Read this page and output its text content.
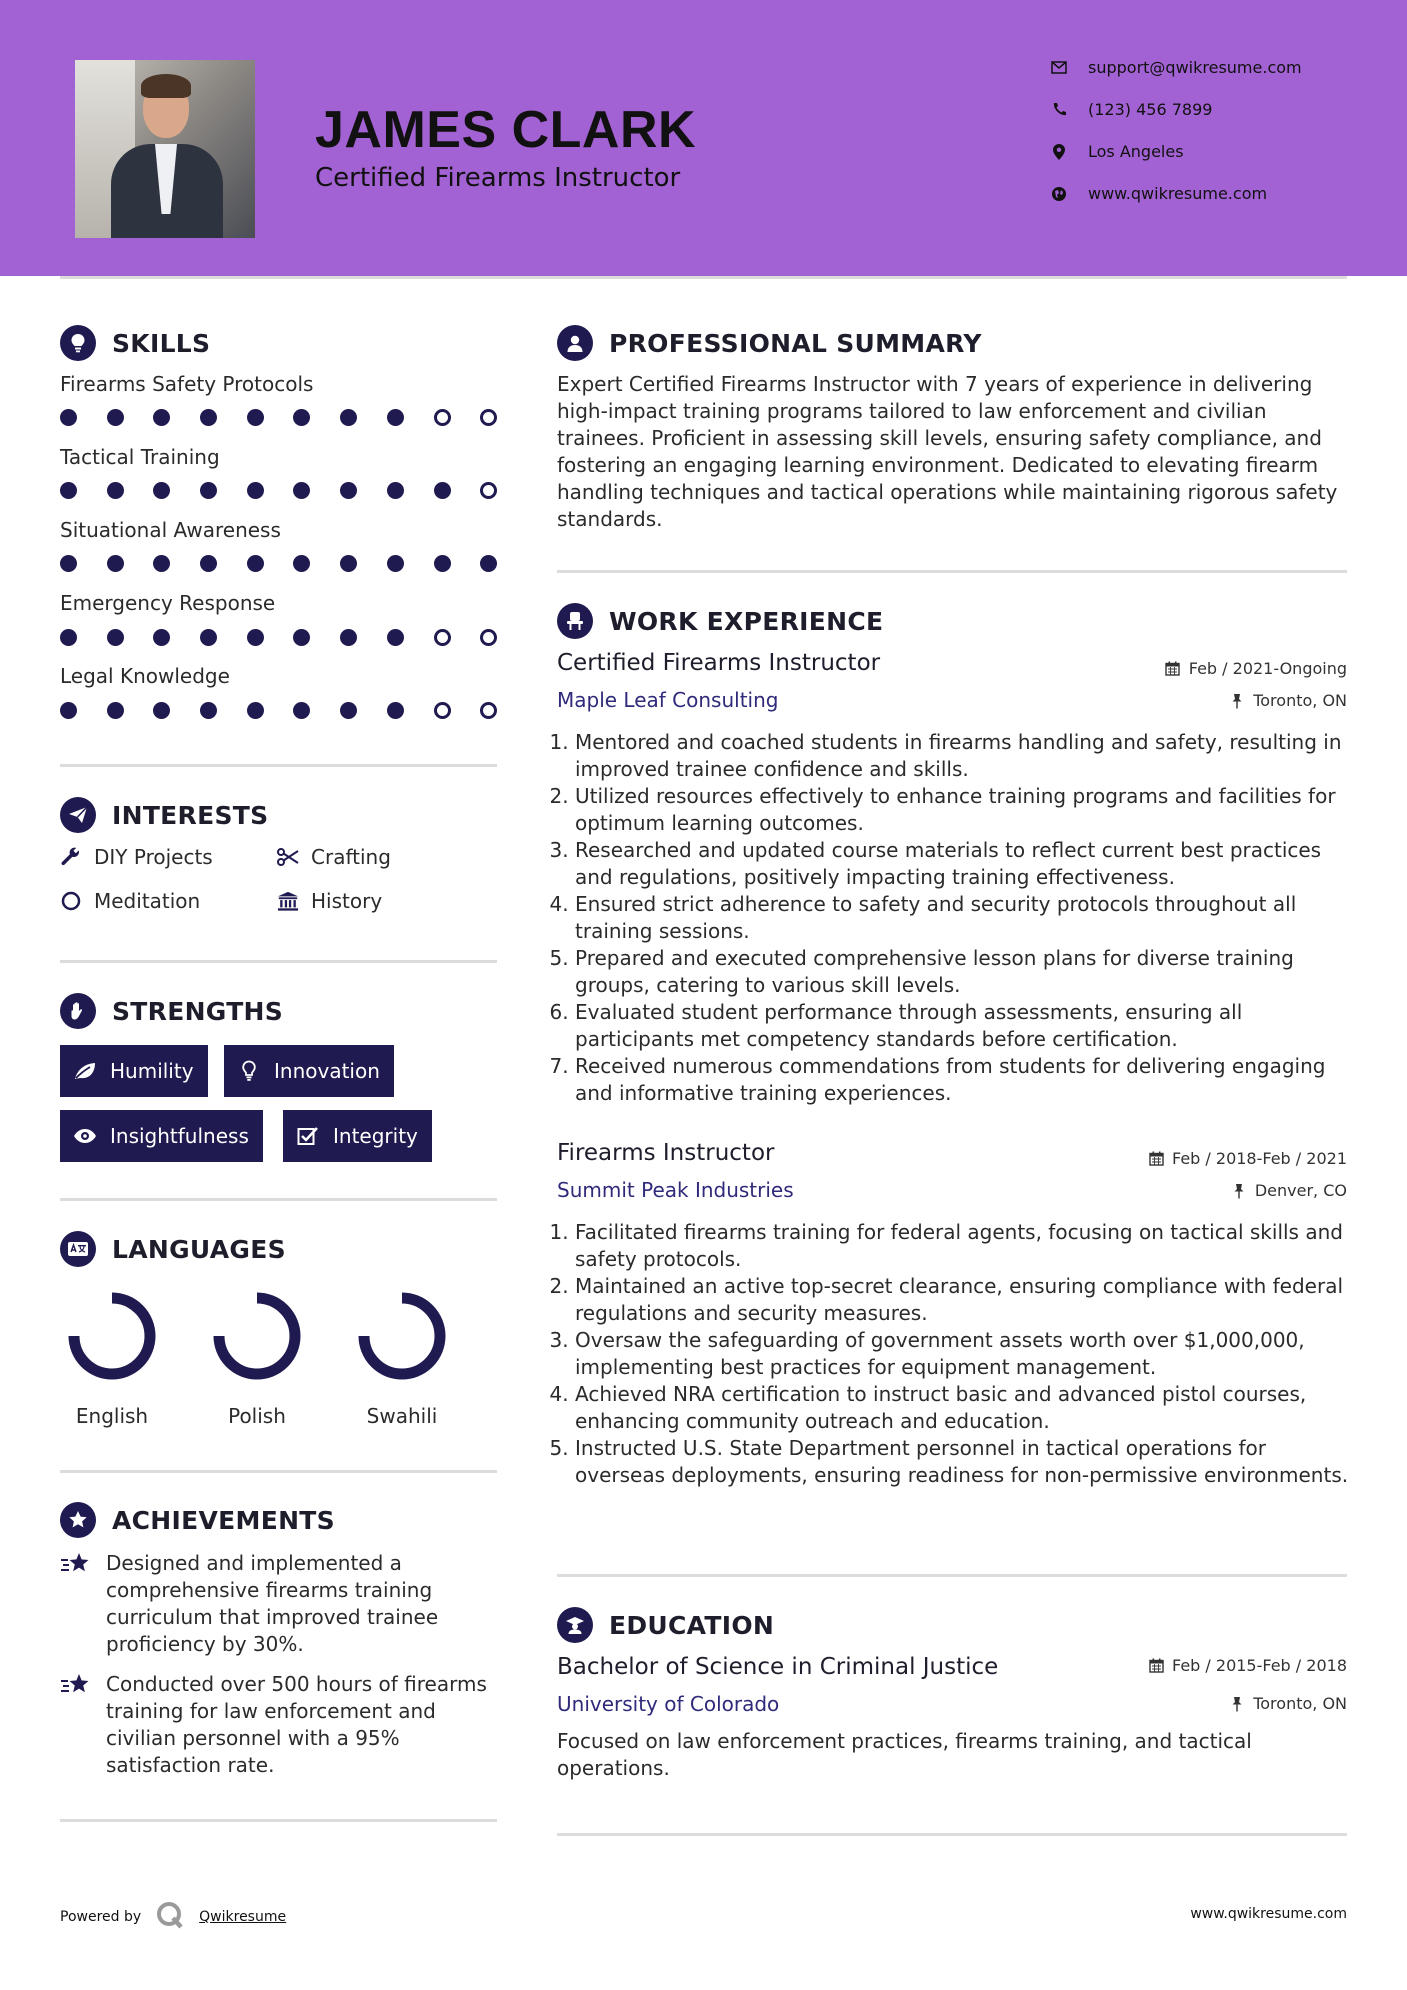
JAMES CLARK
Certified Firearms Instructor
support@qwikresume.com
(123) 456 7899
Los Angeles
www.qwikresume.com
SKILLS
Firearms Safety Protocols
Tactical Training
Situational Awareness
Emergency Response
Legal Knowledge
INTERESTS
DIY Projects	Crafting
Meditation	History
STRENGTHS
Humility	Innovation
Insightfulness	Integrity
LANGUAGES
English	Polish	Swahili
ACHIEVEMENTS
Designed and implemented a comprehensive firearms training curriculum that improved trainee proficiency by 30%.
Conducted over 500 hours of firearms training for law enforcement and civilian personnel with a 95% satisfaction rate.
PROFESSIONAL SUMMARY
Expert Certified Firearms Instructor with 7 years of experience in delivering high-impact training programs tailored to law enforcement and civilian trainees. Proficient in assessing skill levels, ensuring safety compliance, and fostering an engaging learning environment. Dedicated to elevating firearm handling techniques and tactical operations while maintaining rigorous safety standards.
WORK EXPERIENCE
Certified Firearms Instructor	Feb / 2021-Ongoing
Maple Leaf Consulting	Toronto, ON
1. Mentored and coached students in firearms handling and safety, resulting in improved trainee confidence and skills.
2. Utilized resources effectively to enhance training programs and facilities for optimum learning outcomes.
3. Researched and updated course materials to reflect current best practices and regulations, positively impacting training effectiveness.
4. Ensured strict adherence to safety and security protocols throughout all training sessions.
5. Prepared and executed comprehensive lesson plans for diverse training groups, catering to various skill levels.
6. Evaluated student performance through assessments, ensuring all participants met competency standards before certification.
7. Received numerous commendations from students for delivering engaging and informative training experiences.
Firearms Instructor	Feb / 2018-Feb / 2021
Summit Peak Industries	Denver, CO
1. Facilitated firearms training for federal agents, focusing on tactical skills and safety protocols.
2. Maintained an active top-secret clearance, ensuring compliance with federal regulations and security measures.
3. Oversaw the safeguarding of government assets worth over $1,000,000, implementing best practices for equipment management.
4. Achieved NRA certification to instruct basic and advanced pistol courses, enhancing community outreach and education.
5. Instructed U.S. State Department personnel in tactical operations for overseas deployments, ensuring readiness for non-permissive environments.
EDUCATION
Bachelor of Science in Criminal Justice	Feb / 2015-Feb / 2018
University of Colorado	Toronto, ON
Focused on law enforcement practices, firearms training, and tactical operations.
Powered by	Qwikresume	www.qwikresume.com
